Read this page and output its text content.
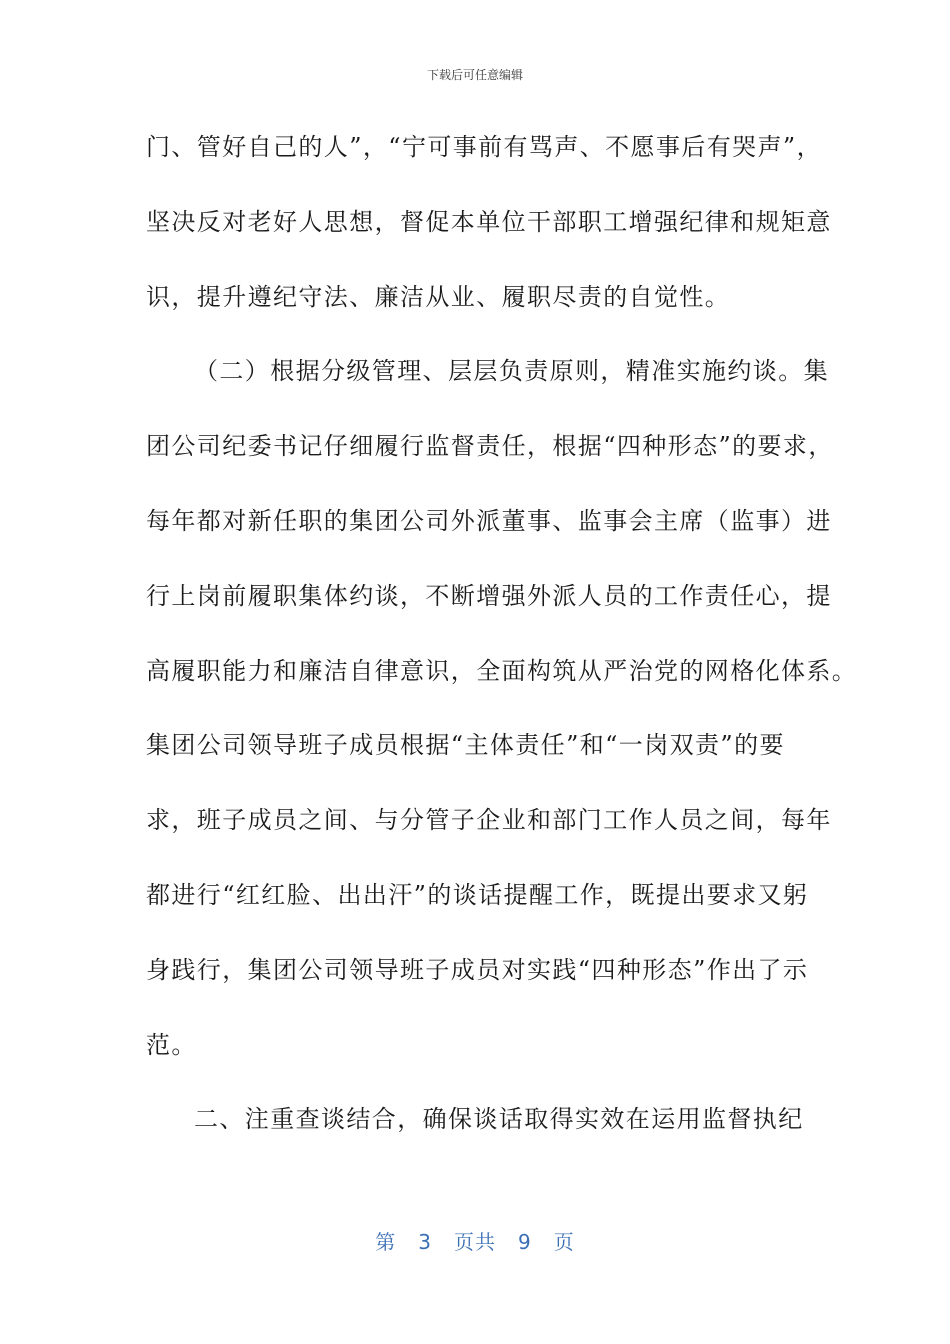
下载后可任意编辑
门、管好自己的人”，“宁可事前有骂声、不愿事后有哭声”，
坚决反对老好人思想，督促本单位干部职工增强纪律和规矩意
识，提升遵纪守法、廉洁从业、履职尽责的自觉性。
（二）根据分级管理、层层负责原则，精准实施约谈。集
团公司纪委书记仔细履行监督责任，根据“四种形态”的要求，
每年都对新任职的集团公司外派董事、监事会主席（监事）进
行上岗前履职集体约谈，不断增强外派人员的工作责任心，提
高履职能力和廉洁自律意识，全面构筑从严治党的网格化体系。
集团公司领导班子成员根据“主体责任”和“一岗双责”的要
求，班子成员之间、与分管子企业和部门工作人员之间，每年
都进行“红红脸、出出汗”的谈话提醒工作，既提出要求又躬
身践行，集团公司领导班子成员对实践“四种形态”作出了示
范。
二、注重查谈结合，确保谈话取得实效在运用监督执纪
第 3 页共 9 页
